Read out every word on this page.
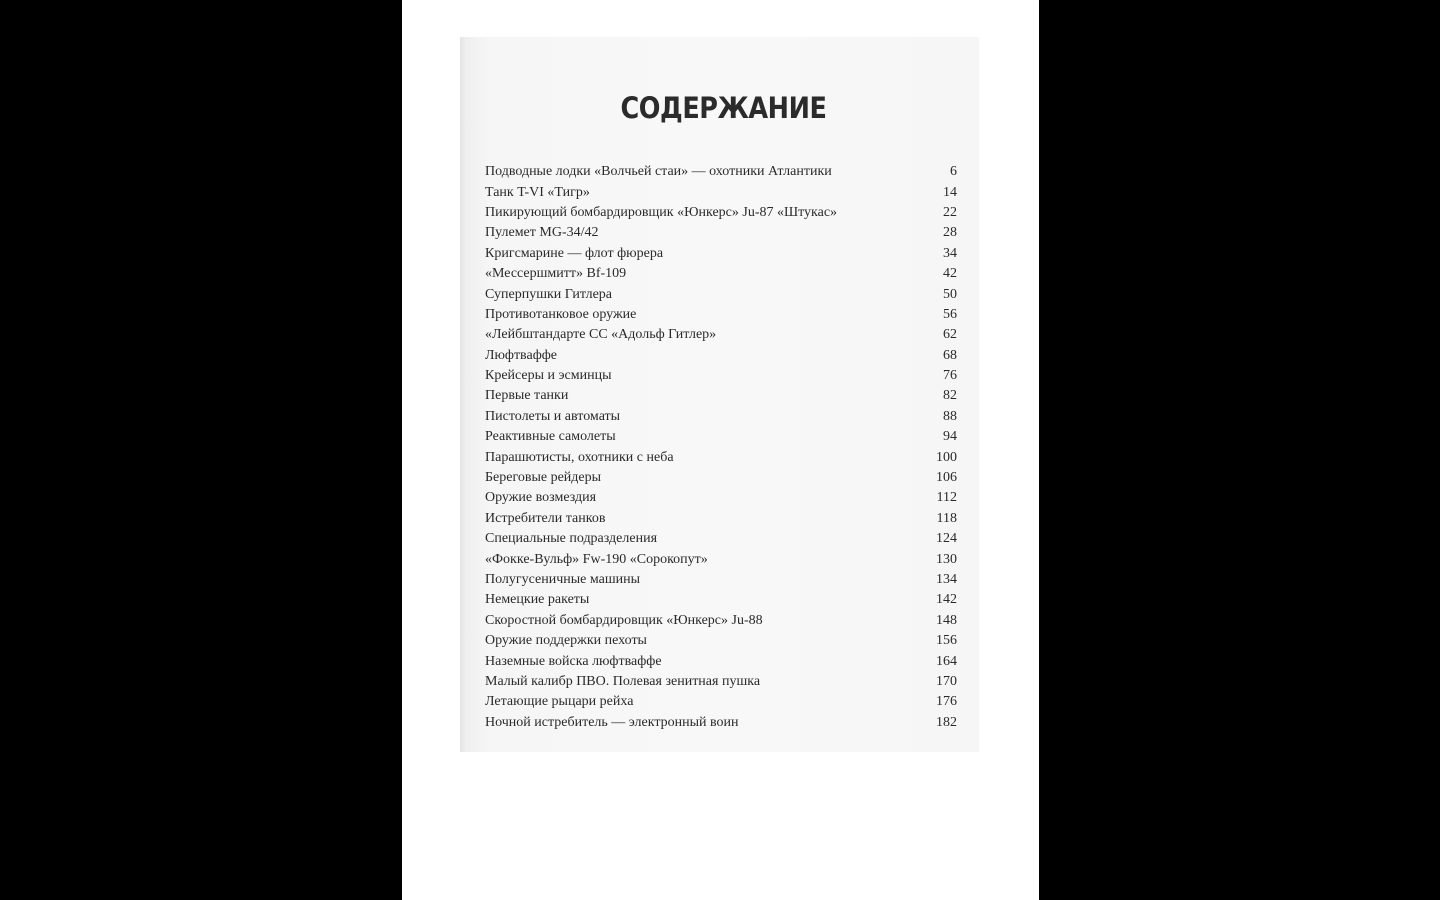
СОДЕРЖАНИЕ
Подводные лодки «Волчьей стаи» — охотники Атлантики	6
Танк T-VI «Тигр»	14
Пикирующий бомбардировщик «Юнкерс» Ju-87 «Штукас»	22
Пулемет MG-34/42	28
Кригсмарине — флот фюрера	34
«Мессершмитт» Bf-109	42
Суперпушки Гитлера	50
Противотанковое оружие	56
«Лейбштандарте СС «Адольф Гитлер»	62
Люфтваффе	68
Крейсеры и эсминцы	76
Первые танки	82
Пистолеты и автоматы	88
Реактивные самолеты	94
Парашютисты, охотники с неба	100
Береговые рейдеры	106
Оружие возмездия	112
Истребители танков	118
Специальные подразделения	124
«Фокке-Вульф» Fw-190 «Сорокопут»	130
Полугусеничные машины	134
Немецкие ракеты	142
Скоростной бомбардировщик «Юнкерс» Ju-88	148
Оружие поддержки пехоты	156
Наземные войска люфтваффе	164
Малый калибр ПВО. Полевая зенитная пушка	170
Летающие рыцари рейха	176
Ночной истребитель — электронный воин	182
